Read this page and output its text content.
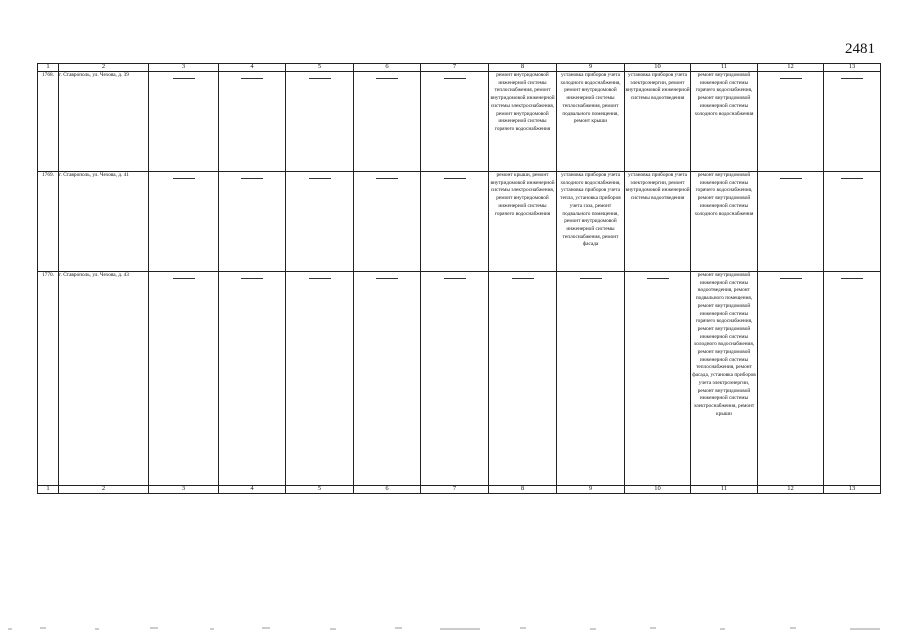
2481
1	2	3	4	5	6	7	8	9	10	11	12	13
1768.	г. Ставрополь, ул. Чехова, д. 39						ремонт внутридомовой инженерной системы теплоснабжения, ремонт внутридомовой инженерной системы электроснабжения, ремонт внутридомовой инженерной системы горячего водоснабжения	установка приборов учета холодного водоснабжения, ремонт внутридомовой инженерной системы теплоснабжения, ремонт подвального помещения, ремонт крыши	установка приборов учета электроэнергии, ремонт внутридомовой инженерной системы водоотведения	ремонт внутридомовой инженерной системы горячего водоснабжения, ремонт внутридомовой инженерной системы холодного водоснабжения		
1769.	г. Ставрополь, ул. Чехова, д. 41						ремонт крыши, ремонт внутридомовой инженерной системы электроснабжения, ремонт внутридомовой инженерной системы горячего водоснабжения	установка приборов учета холодного водоснабжения, установка приборов учета тепла, установка приборов учета газа, ремонт подвального помещения, ремонт внутридомовой инженерной системы теплоснабжения, ремонт фасада	установка приборов учета электроэнергии, ремонт внутридомовой инженерной системы водоотведения	ремонт внутридомовой инженерной системы горячего водоснабжения, ремонт внутридомовой инженерной системы холодного водоснабжения		
1770.	г. Ставрополь, ул. Чехова, д. 43									ремонт внутридомовой инженерной системы водоотведения, ремонт подвального помещения, ремонт внутридомовой инженерной системы горячего водоснабжения, ремонт внутридомовой инженерной системы холодного водоснабжения, ремонт внутридомовой инженерной системы теплоснабжения, ремонт фасада, установка приборов учета электроэнергии, ремонт внутридомовой инженерной системы электроснабжения, ремонт крыши		
1	2	3	4	5	6	7	8	9	10	11	12	13
